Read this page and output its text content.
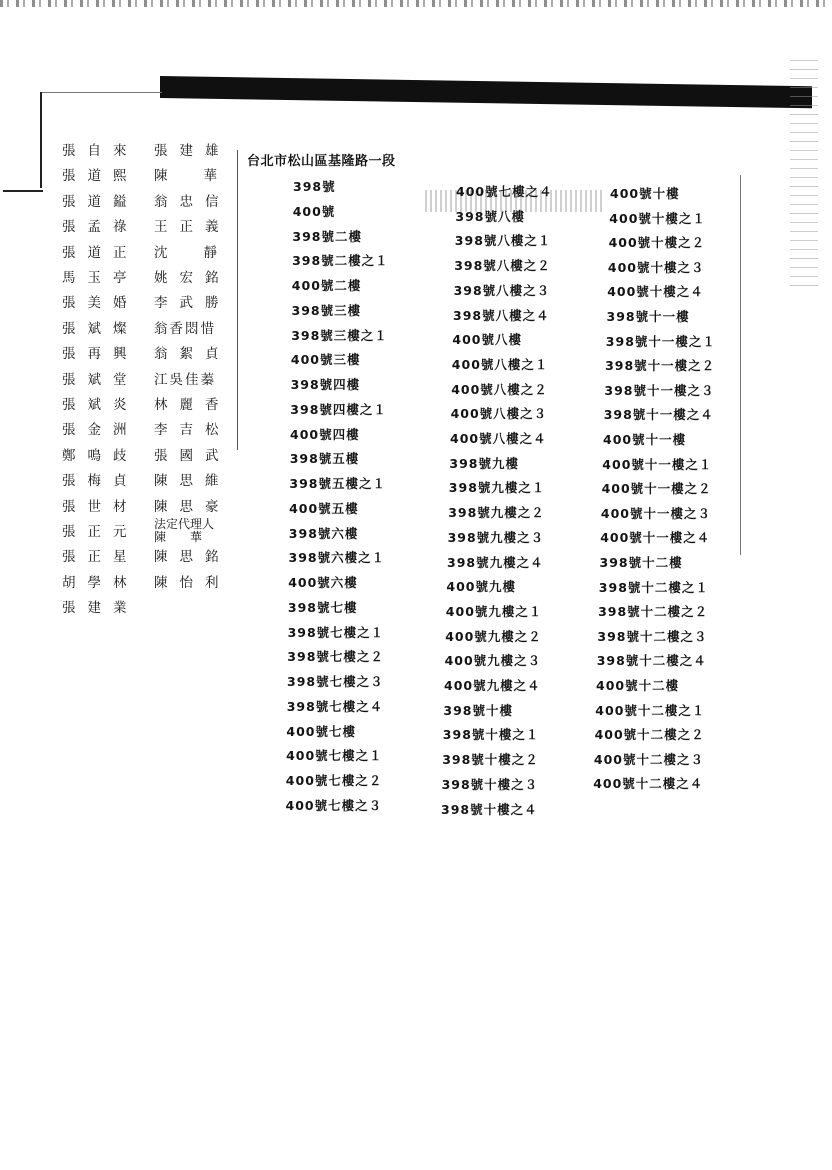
張自來 張建雄
張道熙 陳華
張道鎰 翁忠信
張孟祿 王正義
張道正 沈靜
馬玉亭 姚宏銘
張美婚 李武勝
張斌燦 翁香悶惜
張再興 翁絮貞
張斌堂 江吳佳蓁
張斌炎 林麗香
張金洲 李吉松
鄭鳴歧 張國武
張梅貞 陳思維
張世材 陳思豪
張正元 法定代理人
陳　　華
張正星 陳思銘
胡學林 陳怡利
張建業
台北市松山區基隆路一段
398號
400號
398號二樓
398號二樓之１
400號二樓
398號三樓
398號三樓之１
400號三樓
398號四樓
398號四樓之１
400號四樓
398號五樓
398號五樓之１
400號五樓
398號六樓
398號六樓之１
400號六樓
398號七樓
398號七樓之１
398號七樓之２
398號七樓之３
398號七樓之４
400號七樓
400號七樓之１
400號七樓之２
400號七樓之３
400號七樓之４
398號八樓
398號八樓之１
398號八樓之２
398號八樓之３
398號八樓之４
400號八樓
400號八樓之１
400號八樓之２
400號八樓之３
400號八樓之４
398號九樓
398號九樓之１
398號九樓之２
398號九樓之３
398號九樓之４
400號九樓
400號九樓之１
400號九樓之２
400號九樓之３
400號九樓之４
398號十樓
398號十樓之１
398號十樓之２
398號十樓之３
398號十樓之４
400號十樓
400號十樓之１
400號十樓之２
400號十樓之３
400號十樓之４
398號十一樓
398號十一樓之１
398號十一樓之２
398號十一樓之３
398號十一樓之４
400號十一樓
400號十一樓之１
400號十一樓之２
400號十一樓之３
400號十一樓之４
398號十二樓
398號十二樓之１
398號十二樓之２
398號十二樓之３
398號十二樓之４
400號十二樓
400號十二樓之１
400號十二樓之２
400號十二樓之３
400號十二樓之４
